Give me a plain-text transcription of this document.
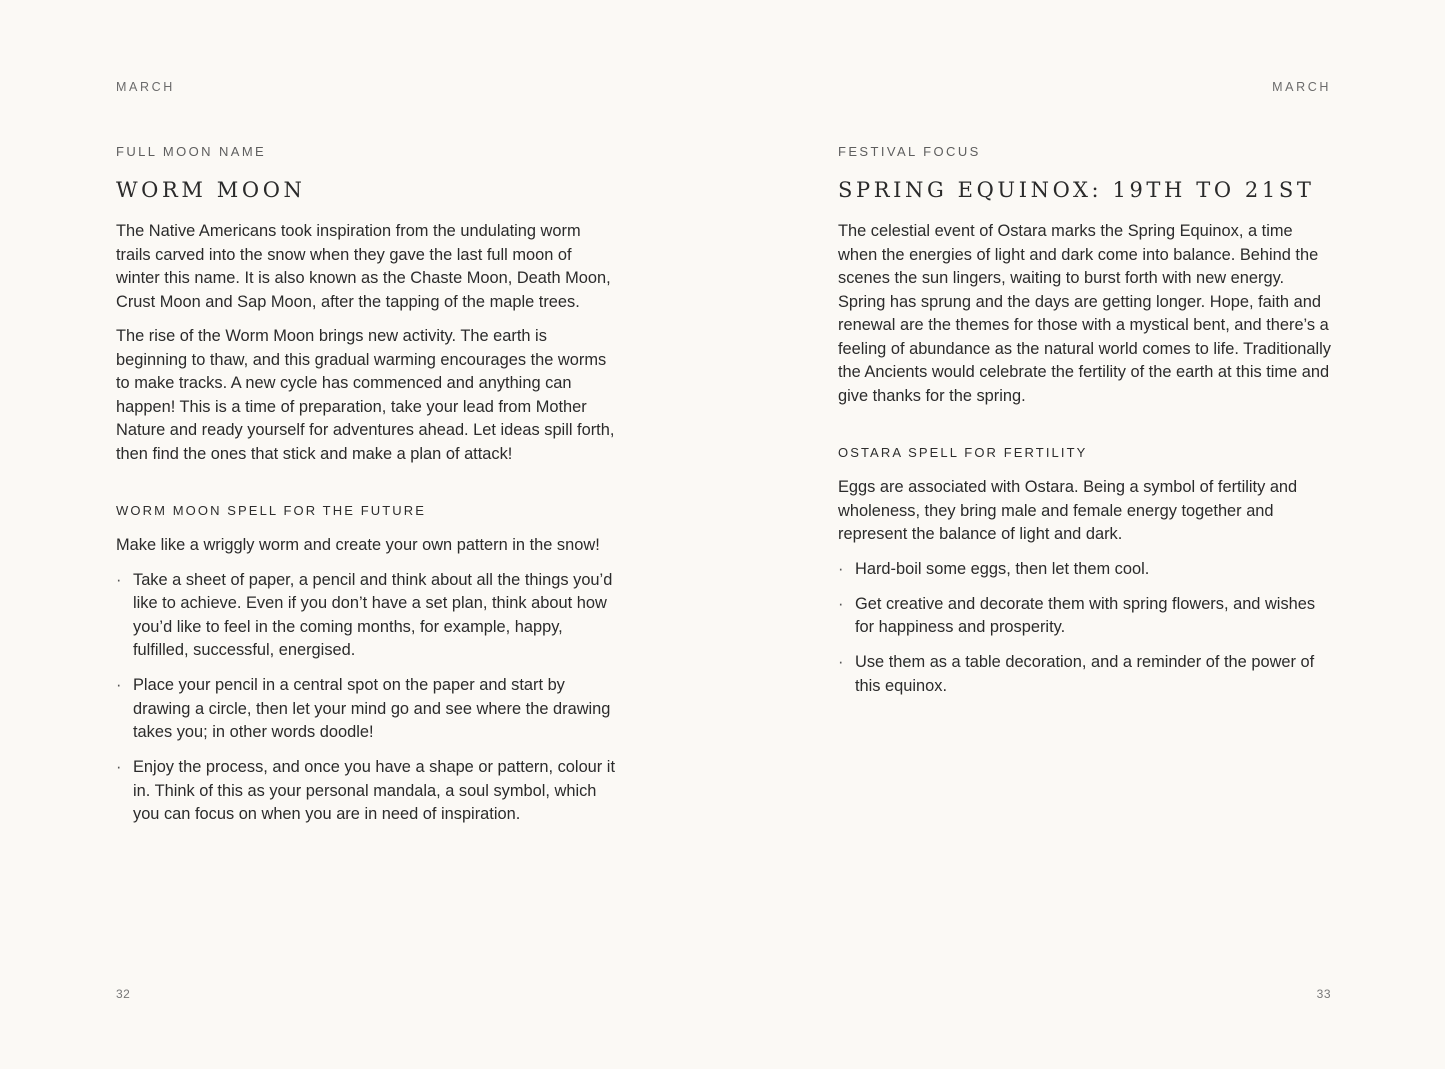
MARCH
FULL MOON NAME
WORM MOON

The Native Americans took inspiration from the undulating worm trails carved into the snow when they gave the last full moon of winter this name. It is also known as the Chaste Moon, Death Moon, Crust Moon and Sap Moon, after the tapping of the maple trees.

The rise of the Worm Moon brings new activity. The earth is beginning to thaw, and this gradual warming encourages the worms to make tracks. A new cycle has commenced and anything can happen! This is a time of preparation, take your lead from Mother Nature and ready yourself for adventures ahead. Let ideas spill forth, then find the ones that stick and make a plan of attack!

WORM MOON SPELL FOR THE FUTURE

Make like a wriggly worm and create your own pattern in the snow!

· Take a sheet of paper, a pencil and think about all the things you’d like to achieve. Even if you don’t have a set plan, think about how you’d like to feel in the coming months, for example, happy, fulfilled, successful, energised.
· Place your pencil in a central spot on the paper and start by drawing a circle, then let your mind go and see where the drawing takes you; in other words doodle!
· Enjoy the process, and once you have a shape or pattern, colour it in. Think of this as your personal mandala, a soul symbol, which you can focus on when you are in need of inspiration.
32
MARCH
FESTIVAL FOCUS
SPRING EQUINOX: 19TH TO 21ST

The celestial event of Ostara marks the Spring Equinox, a time when the energies of light and dark come into balance. Behind the scenes the sun lingers, waiting to burst forth with new energy. Spring has sprung and the days are getting longer. Hope, faith and renewal are the themes for those with a mystical bent, and there’s a feeling of abundance as the natural world comes to life. Traditionally the Ancients would celebrate the fertility of the earth at this time and give thanks for the spring.

OSTARA SPELL FOR FERTILITY

Eggs are associated with Ostara. Being a symbol of fertility and wholeness, they bring male and female energy together and represent the balance of light and dark.

· Hard-boil some eggs, then let them cool.
· Get creative and decorate them with spring flowers, and wishes for happiness and prosperity.
· Use them as a table decoration, and a reminder of the power of this equinox.
33
